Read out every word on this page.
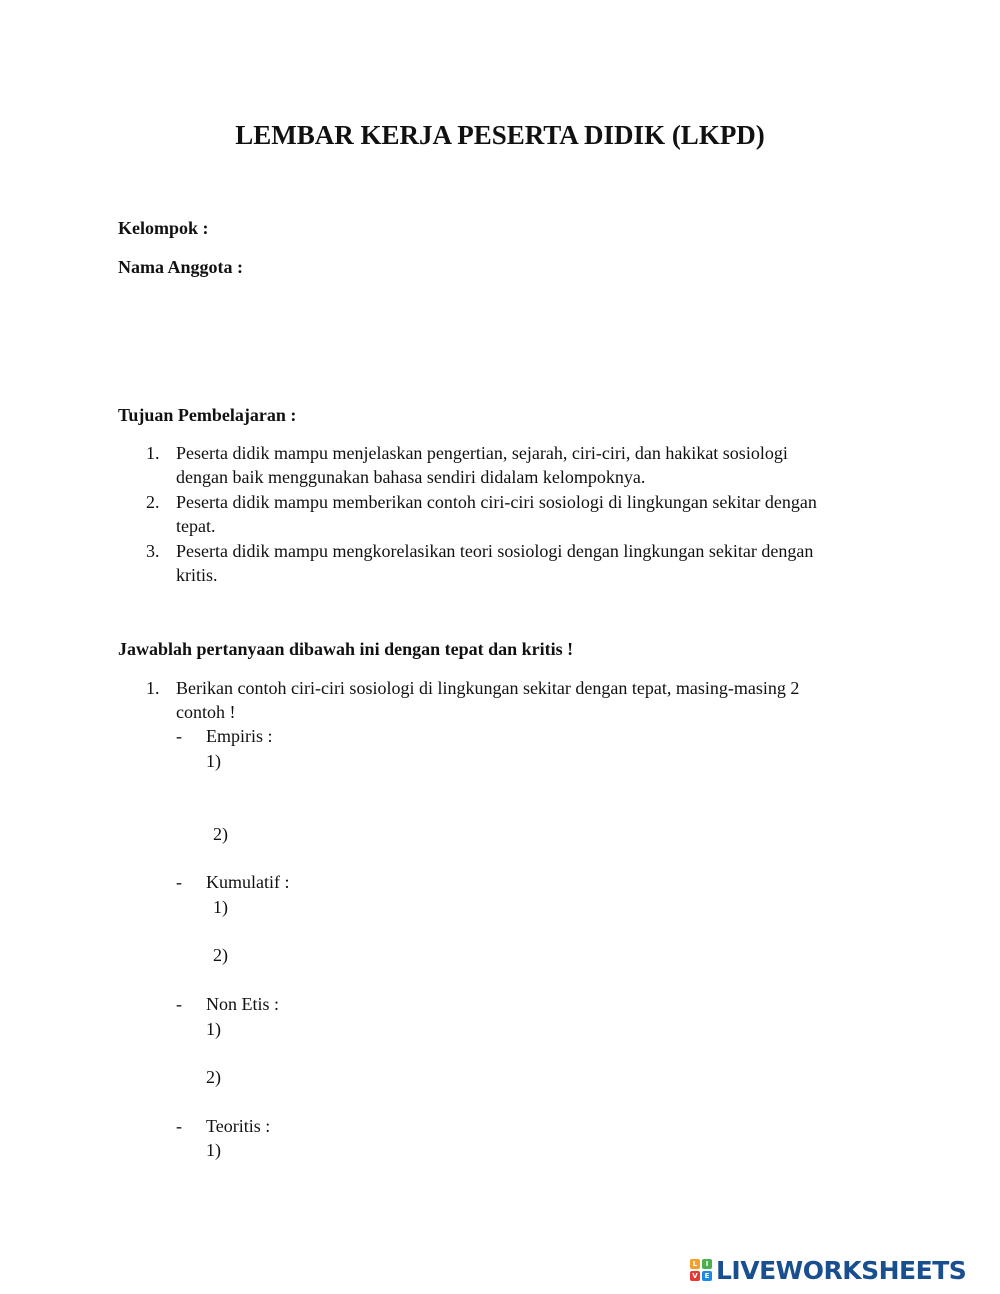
LEMBAR KERJA PESERTA DIDIK (LKPD)
Kelompok :
Nama Anggota :
Tujuan Pembelajaran :
1. Peserta didik mampu menjelaskan pengertian, sejarah, ciri-ciri, dan hakikat sosiologi
dengan baik menggunakan bahasa sendiri didalam kelompoknya.
2. Peserta didik mampu memberikan contoh ciri-ciri sosiologi di lingkungan sekitar dengan
tepat.
3. Peserta didik mampu mengkorelasikan teori sosiologi dengan lingkungan sekitar dengan
kritis.
Jawablah pertanyaan dibawah ini dengan tepat dan kritis !
1. Berikan contoh ciri-ciri sosiologi di lingkungan sekitar dengan tepat, masing-masing 2
contoh !
- Empiris :
1)
2)
- Kumulatif :
1)
2)
- Non Etis :
1)
2)
- Teoritis :
1)
L	I
V E LIVEWORKSHEETS
